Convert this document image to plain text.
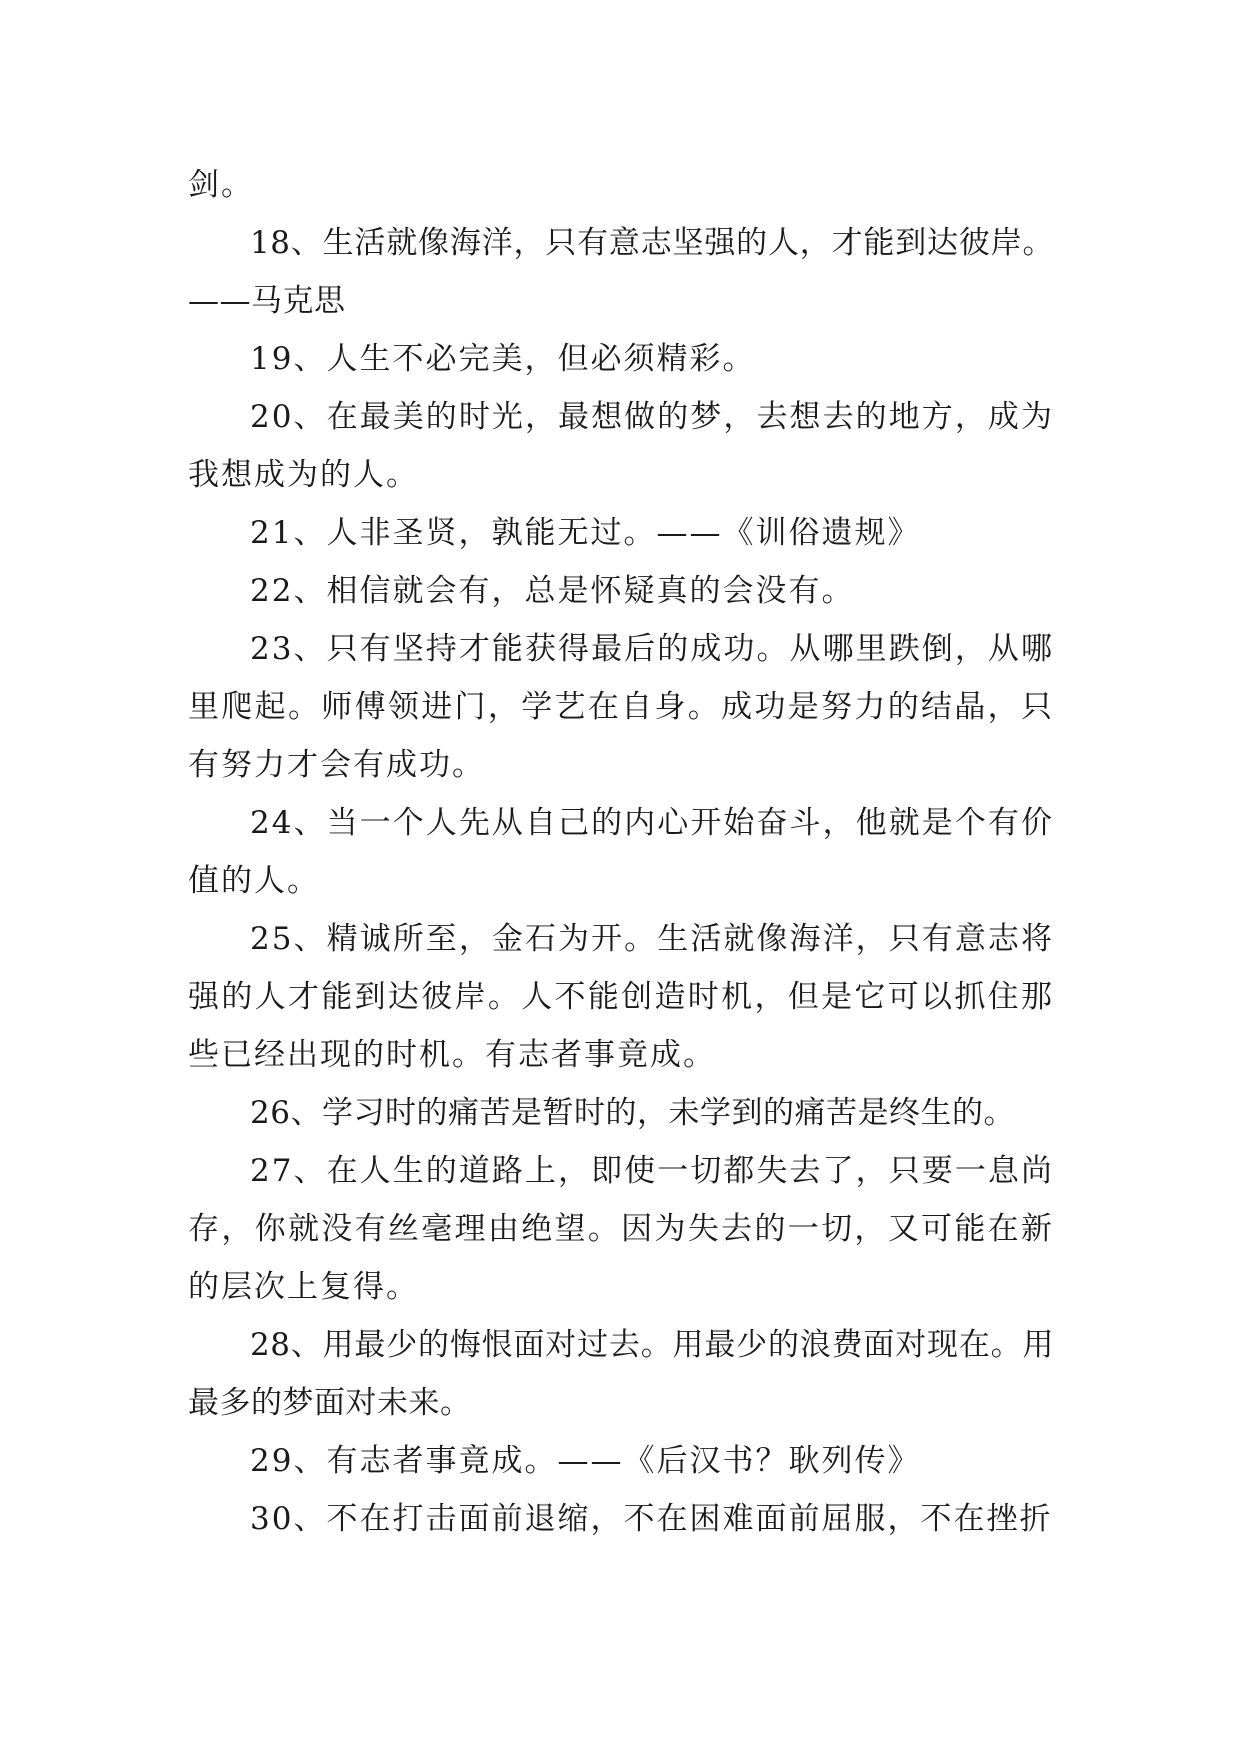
剑。

18、生活就像海洋，只有意志坚强的人，才能到达彼岸。——马克思

19、人生不必完美，但必须精彩。

20、在最美的时光，最想做的梦，去想去的地方，成为我想成为的人。

21、人非圣贤，孰能无过。——《训俗遗规》

22、相信就会有，总是怀疑真的会没有。

23、只有坚持才能获得最后的成功。从哪里跌倒，从哪里爬起。师傅领进门，学艺在自身。成功是努力的结晶，只有努力才会有成功。

24、当一个人先从自己的内心开始奋斗，他就是个有价值的人。

25、精诚所至，金石为开。生活就像海洋，只有意志将强的人才能到达彼岸。人不能创造时机，但是它可以抓住那些已经出现的时机。有志者事竟成。

26、学习时的痛苦是暂时的，未学到的痛苦是终生的。

27、在人生的道路上，即使一切都失去了，只要一息尚存，你就没有丝毫理由绝望。因为失去的一切，又可能在新的层次上复得。

28、用最少的悔恨面对过去。用最少的浪费面对现在。用最多的梦面对未来。

29、有志者事竟成。——《后汉书？耿列传》

30、不在打击面前退缩，不在困难面前屈服，不在挫折
